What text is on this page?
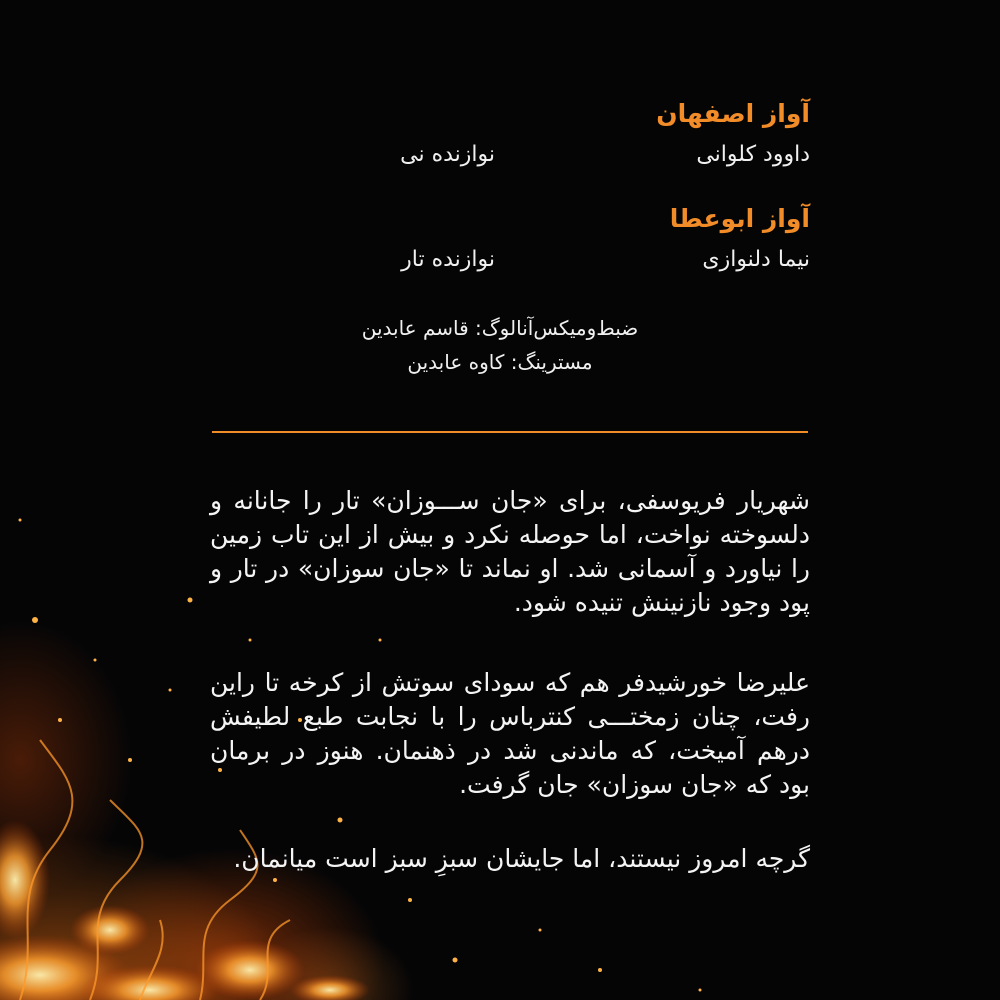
آواز اصفهان
داوود کلوانی
نوازنده نی
آواز ابوعطا
نیما دلنوازی
نوازنده تار
ضبط‌ومیکس‌آنالوگ: قاسم عابدین
مسترینگ: کاوه عابدین

شهریار فریوسفی، برای «جان ســـوزان» تار را جانانه و دلسوخته نواخت، اما حوصله نکرد و بیش از این تاب زمین را نیاورد و آسمانی شد. او نماند تا «جان سوزان» در تار و پود وجود نازنینش تنیده شود.

علیرضا خورشیدفر هم که سودای سوتش از کرخه تا راین رفت، چنان زمختـــی کنترباس را با نجابت طبع لطیفش درهم آمیخت، که ماندنی شد در ذهنمان. هنوز در برمان بود که «جان سوزان» جان گرفت.

گرچه امروز نیستند، اما جایشان سبزِ سبز است میانمان.
